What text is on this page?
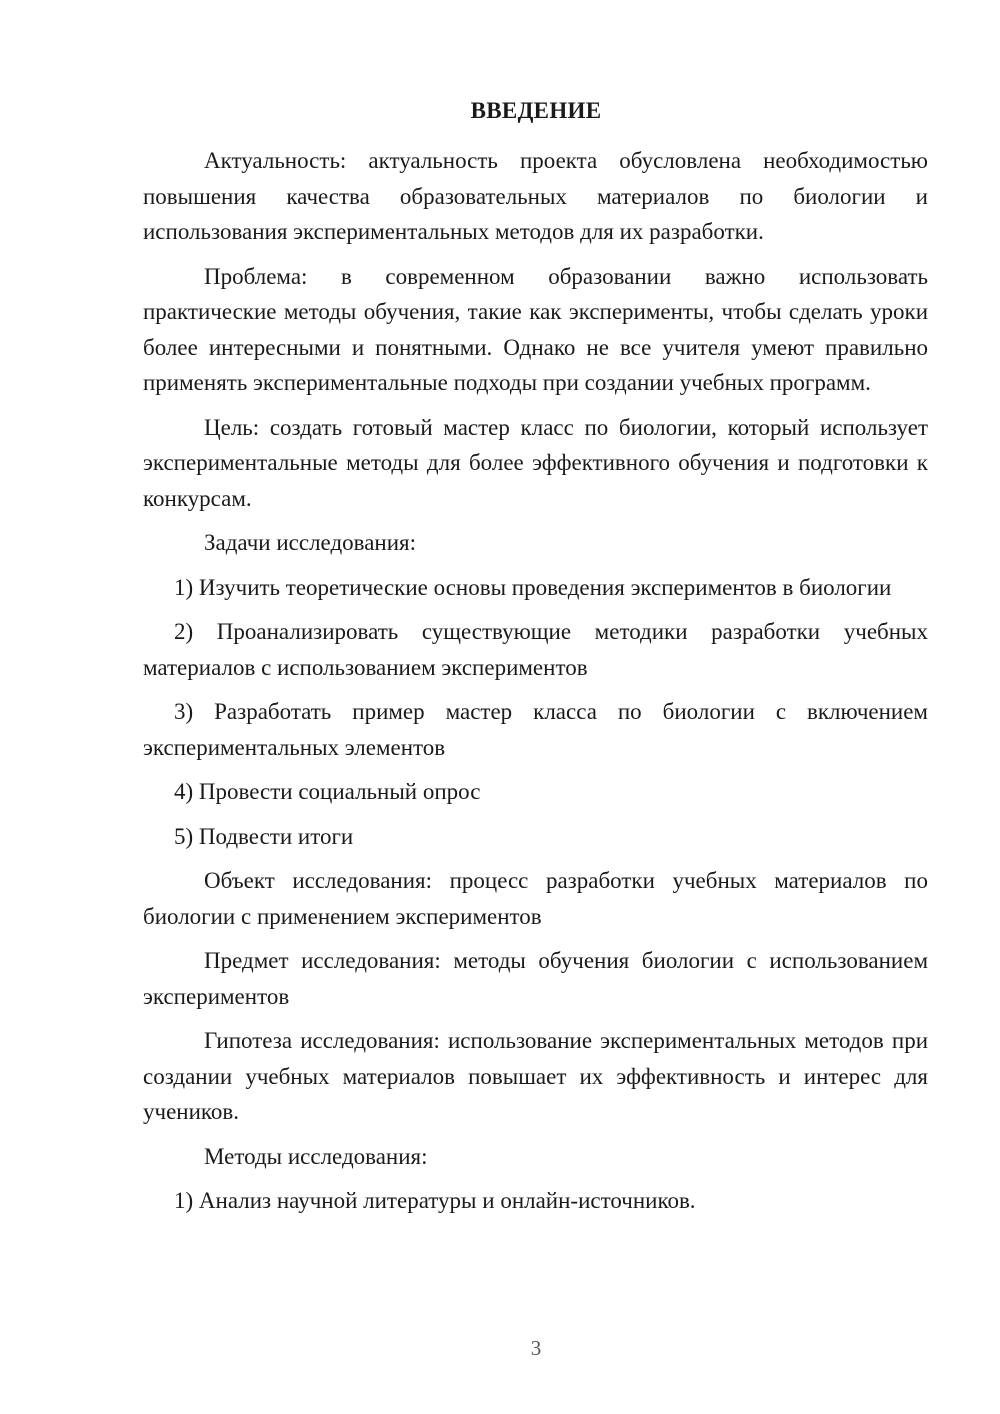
ВВЕДЕНИЕ

Актуальность: актуальность проекта обусловлена необходимостью повышения качества образовательных материалов по биологии и использования экспериментальных методов для их разработки.

Проблема: в современном образовании важно использовать практические методы обучения, такие как эксперименты, чтобы сделать уроки более интересными и понятными. Однако не все учителя умеют правильно применять экспериментальные подходы при создании учебных программ.

Цель: создать готовый мастер класс по биологии, который использует экспериментальные методы для более эффективного обучения и подготовки к конкурсам.

Задачи исследования:

1) Изучить теоретические основы проведения экспериментов в биологии

2) Проанализировать существующие методики разработки учебных материалов с использованием экспериментов

3) Разработать пример мастер класса по биологии с включением экспериментальных элементов

4) Провести социальный опрос

5) Подвести итоги

Объект исследования: процесс разработки учебных материалов по биологии с применением экспериментов

Предмет исследования: методы обучения биологии с использованием экспериментов

Гипотеза исследования: использование экспериментальных методов при создании учебных материалов повышает их эффективность и интерес для учеников.

Методы исследования:

1) Анализ научной литературы и онлайн-источников.

3
